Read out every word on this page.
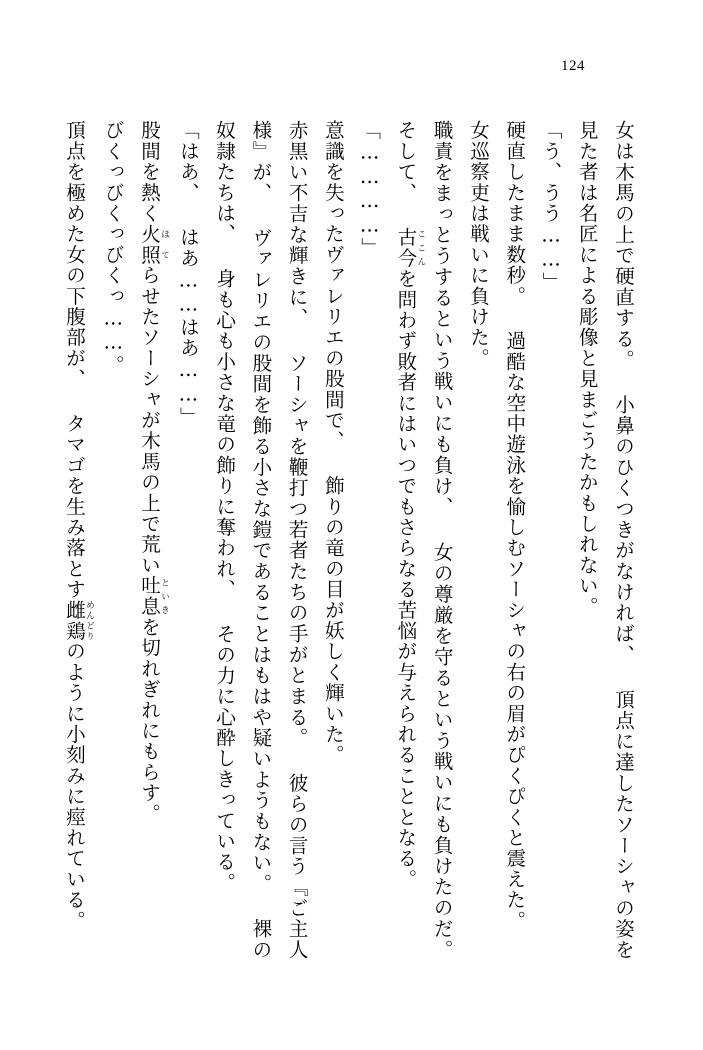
124

女は木馬の上で硬直する。 小鼻のひくつきがなければ、 頂点に達したソーシャの姿を見た者は名匠による彫像と見まごうたかもしれない。

「う、うう……」

硬直したまま数秒。 過酷な空中遊泳を愉しむソーシャの右の眉がぴくぴくと震えた。

女巡察吏は戦いに負けた。

職責をまっとうするという戦いにも負け、 女の尊厳を守るという戦いにも負けたのだ。 そして、 古今ここんを問わず敗者にはいつでもさらなる苦悩が与えられることとなる。

「…………」

意識を失ったヴァレリエの股間で、 飾りの竜の目が妖しく輝いた。

赤黒い不吉な輝きに、 ソーシャを鞭打つ若者たちの手がとまる。 彼らの言う『ご主人様』が、 ヴァレリエの股間を飾る小さな鎧であることはもはや疑いようもない。 裸の奴隷たちは、 身も心も小さな竜の飾りに奪われ、 その力に心酔しきっている。

「はあ、 はあ……はあ……」

股間を熱く火照ほてらせたソーシャが木馬の上で荒い吐息といきを切れぎれにもらす。

びくっびくっびくっ……。

頂点を極めた女の下腹部が、 タマゴを生み落とす雌鶏めんどりのように小刻みに痙れている。
